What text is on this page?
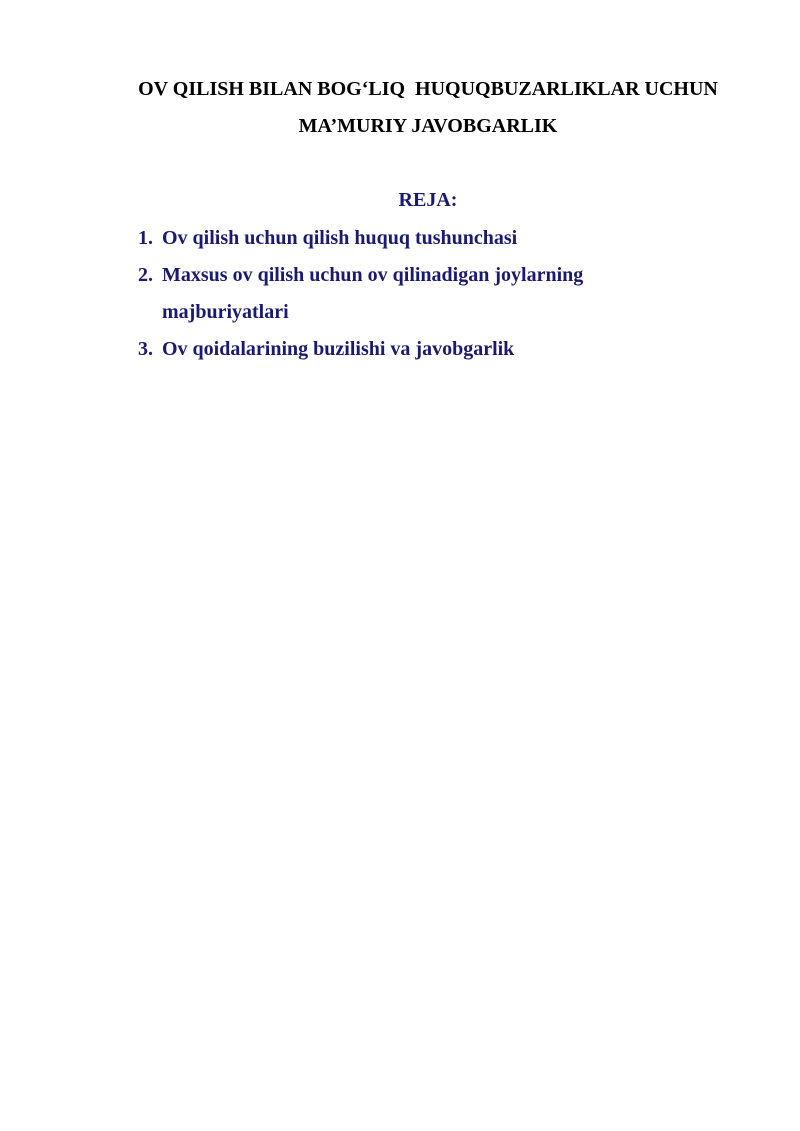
OV QILISH BILAN BOG‘LIQ  HUQUQBUZARLIKLAR UCHUN
MA’MURIY JAVOBGARLIK
REJA:
1. Ov qilish uchun qilish huquq tushunchasi
2. Maxsus ov qilish uchun ov qilinadigan joylarning
majburiyatlari
3. Ov qoidalarining buzilishi va javobgarlik
